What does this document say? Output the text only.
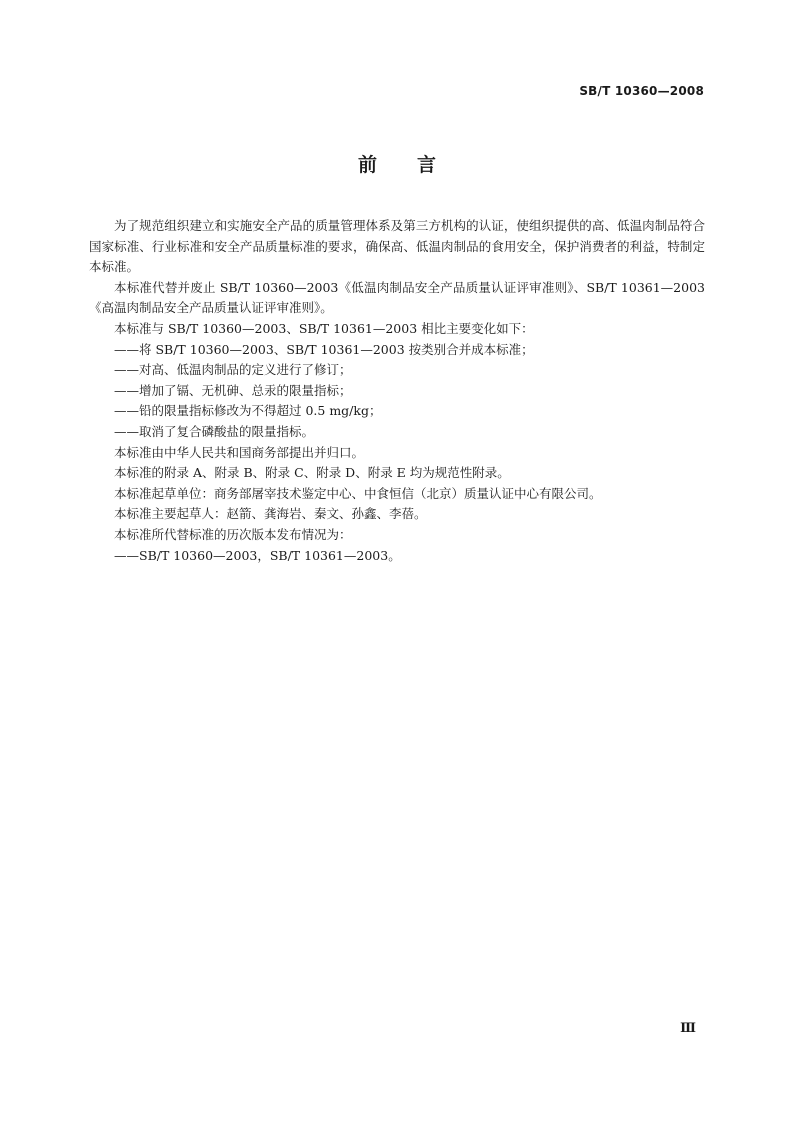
SB/T 10360—2008
前言

为了规范组织建立和实施安全产品的质量管理体系及第三方机构的认证，使组织提供的高、低温肉制品符合国家标准、行业标准和安全产品质量标准的要求，确保高、低温肉制品的食用安全，保护消费者的利益，特制定本标准。

本标准代替并废止 SB/T 10360—2003《低温肉制品安全产品质量认证评审准则》、SB/T 10361—2003《高温肉制品安全产品质量认证评审准则》。

本标准与 SB/T 10360—2003、SB/T 10361—2003 相比主要变化如下：

——将 SB/T 10360—2003、SB/T 10361—2003 按类别合并成本标准；

——对高、低温肉制品的定义进行了修订；

——增加了镉、无机砷、总汞的限量指标；

——铅的限量指标修改为不得超过 0.5 mg/kg；

——取消了复合磷酸盐的限量指标。

本标准由中华人民共和国商务部提出并归口。

本标准的附录 A、附录 B、附录 C、附录 D、附录 E 均为规范性附录。

本标准起草单位：商务部屠宰技术鉴定中心、中食恒信（北京）质量认证中心有限公司。

本标准主要起草人：赵箭、龚海岩、秦文、孙鑫、李蓓。

本标准所代替标准的历次版本发布情况为：

——SB/T 10360—2003，SB/T 10361—2003。

Ⅲ
